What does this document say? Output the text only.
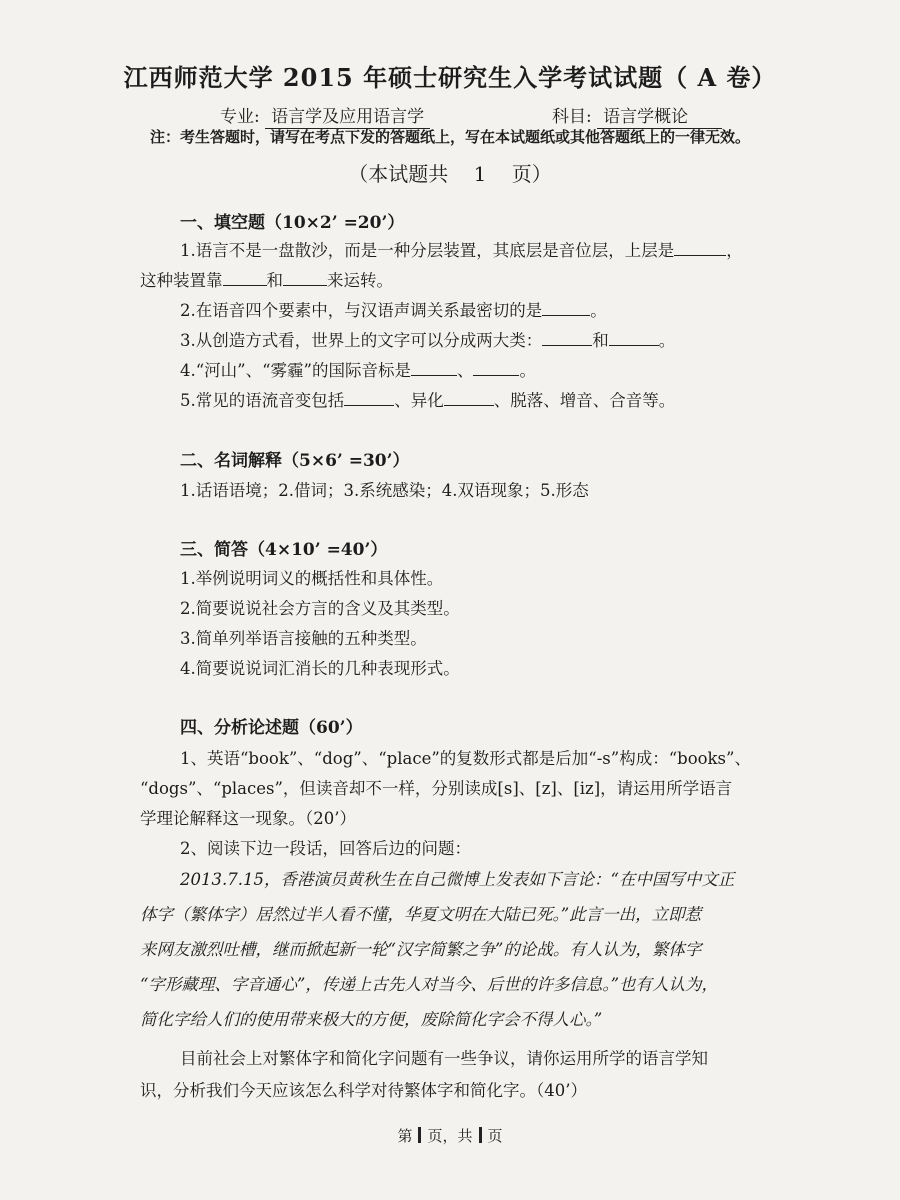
江西师范大学 2015 年硕士研究生入学考试试题（ A 卷）
专业: 语言学及应用语言学	科目: 语言学概论
注：考生答题时，请写在考点下发的答题纸上，写在本试题纸或其他答题纸上的一律无效。
（本试题共    1    页）
一、填空题（10×2’ =20’）
1.语言不是一盘散沙，而是一种分层装置，其底层是音位层，上层是	，
这种装置靠	和	来运转。
2.在语音四个要素中，与汉语声调关系最密切的是	。
3.从创造方式看，世界上的文字可以分成两大类：	和	。
4.“河山”、“雾霾”的国际音标是	、	。
5.常见的语流音变包括	、异化	、脱落、增音、合音等。
二、名词解释（5×6’ =30’）
1.话语语境；2.借词；3.系统感染；4.双语现象；5.形态
三、简答（4×10’ =40’）
1.举例说明词义的概括性和具体性。
2.简要说说社会方言的含义及其类型。
3.简单列举语言接触的五种类型。
4.简要说说词汇消长的几种表现形式。
四、分析论述题（60’）
1、英语“book”、“dog”、“place”的复数形式都是后加“-s”构成：“books”、
“dogs”、“places”，但读音却不一样，分别读成[s]、[z]、[iz]，请运用所学语言
学理论解释这一现象。（20’）
2、阅读下边一段话，回答后边的问题：
2013.7.15，香港演员黄秋生在自己微博上发表如下言论：“在中国写中文正
体字（繁体字）居然过半人看不懂，华夏文明在大陆已死。”此言一出，立即惹
来网友激烈吐槽，继而掀起新一轮“汉字简繁之争”的论战。有人认为，繁体字
“字形藏理、字音通心”，传递上古先人对当今、后世的许多信息。”也有人认为，
简化字给人们的使用带来极大的方便，废除简化字会不得人心。”
目前社会上对繁体字和简化字问题有一些争议，请你运用所学的语言学知
识，分析我们今天应该怎么科学对待繁体字和简化字。（40’）
第 页，共 页
